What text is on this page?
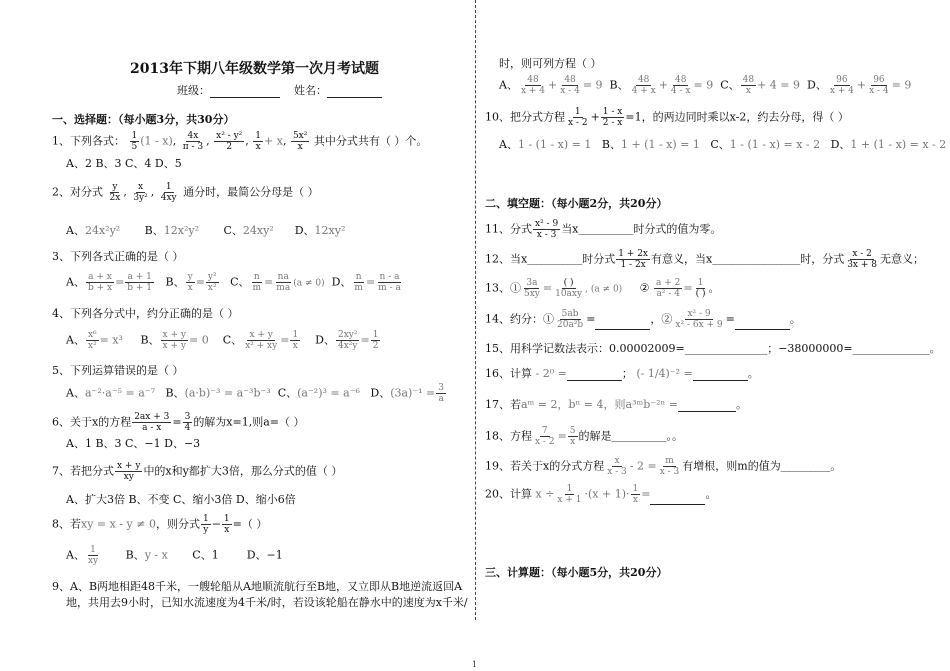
2013年下期八年级数学第一次月考试题
班级：	姓名：
一、选择题：（每小题3分，共30分）
1、下列各式： $\frac{1}{5} (1 - x)$, $\frac{4x}{\pi - 3}$ , $\frac{\text{x² - y²}}{2}$ , $\frac{1}{x} + x$, $\frac{\text{5x²}}{x}$ 其中分式共有（ ）个。
A、2 B、3 C、4 D、5
2、对分式 $\frac{y}{2x}$ , $\frac{x}{\text{3y²}}$ , $\frac{1}{4xy}$ 通分时，最简公分母是（ ）
A、24x²y²       B、12x²y²       C、24xy²      D、12xy²
3、下列各式正确的是（ ）
A、 $\frac{a + x}{b + x} = \frac{a + 1}{b + 1}$ B、 $\frac{y}{x} = \frac{\text{y²}}{\text{x²}}$ C、 $\frac{n}{m} = \frac{na}{ma} (a \ne 0)$  D、 $\frac{n}{m} = \frac{n - a}{m - a}$
4、下列各分式中，约分正确的是（ ）
A、 $\frac{\text{x⁶}}{\text{x²}} = x^3$     B、 $\frac{x + y}{x + y} = 0$    C、 $\frac{x + y}{\text{x² + xy}} = \frac{1}{x}$ D、 $\frac{\text{2xy²}}{\text{4x²y}} = \frac{1}{2}$
5、下列运算错误的是（ ）
A、a⁻²·a⁻⁵ = a⁻⁷   B、(a·b)⁻³ = a⁻³b⁻³  C、(a⁻²)³ = a⁻⁶   D、$(3a)^{-1} = \frac{3}{a}$
6、关于x的方程 $\frac{2ax + 3}{a - x} = \frac{3}{4}$ 的解为x=1,则a=（ ）
A、1 B、3 C、−1 D、−3
7、若把分式 $\frac{x + y}{xy}$ 中的x和y都扩大3倍，那么分式的值（ ）
A、扩大3倍 B、不变 C、缩小3倍 D、缩小6倍
8、若xy = x - y ≠ 0，则分式 $\frac{1}{y} - \frac{1}{x}$ =（ ）
A、 $\frac{1}{xy}$ B、y - x       C、1        D、−1
9、A、B两地相距48千米，一艘轮船从A地顺流航行至B地，又立即从B地逆流返回A
地，共用去9小时，已知水流速度为4千米/时，若设该轮船在静水中的速度为x千米/
时，则可列方程（ ）
A、 $\frac{48}{x + 4} + \frac{48}{x - 4} = 9$  B、 $\frac{48}{4 + x} + \frac{48}{4 - x} = 9$  C、 $\frac{48}{x} + 4 = 9$  D、 $\frac{96}{x + 4} + \frac{96}{x - 4} = 9$
10、把分式方程 $\frac{1}{x - 2} + \frac{1 - x}{2 - x} =1$，的两边同时乘以x-2，约去分母，得（ ）
A、1 - (1 - x) = 1   B、1 + (1 - x) = 1   C、1 - (1 - x) = x - 2   D、1 + (1 - x) = x - 2
二、填空题：（每小题2分，共20分）
11、分式 $\frac{\text{x² - 9}}{x - 3}$ 当x__________时分式的值为零。
12、当x__________时分式 $\frac{1 + 2x}{1 - 2x}$ 有意义，当x________________时，分式 $\frac{x - 2}{3x + 8}$ 无意义；
13、① $\frac{3a}{5xy} = \frac{( )}{\text{10axy}}$ , (a ≠ 0)     ② $\frac{a + 2}{\text{a² - 4}} = \frac{1}{( )}$ 。
14、约分：① $\frac{5ab}{\text{20a²b}}$ =	，② $\frac{\text{x² - 9}}{\text{x² - 6x + 9}}$ =	。
15、用科学记数法表示：0.00002009=_______________；−38000000=______________。
16、计算 - 2⁰ =	； (- 1/4)⁻² =	。
17、若aᵐ = 2，bⁿ = 4，则a³ᵐb⁻²ⁿ =	。
18、方程 $\frac{7}{x - 2} = \frac{5}{x}$ 的解是__________。。
19、若关于x的分式方程 $\frac{x}{x - 3} - 2 = \frac{m}{x - 3}$ 有增根，则m的值为_________。
20、计算 $x \div \frac{1}{x + 1} \cdot(x + 1)\cdot \frac{1}{x}$ =	。
三、计算题：（每小题5分，共20分）
1
